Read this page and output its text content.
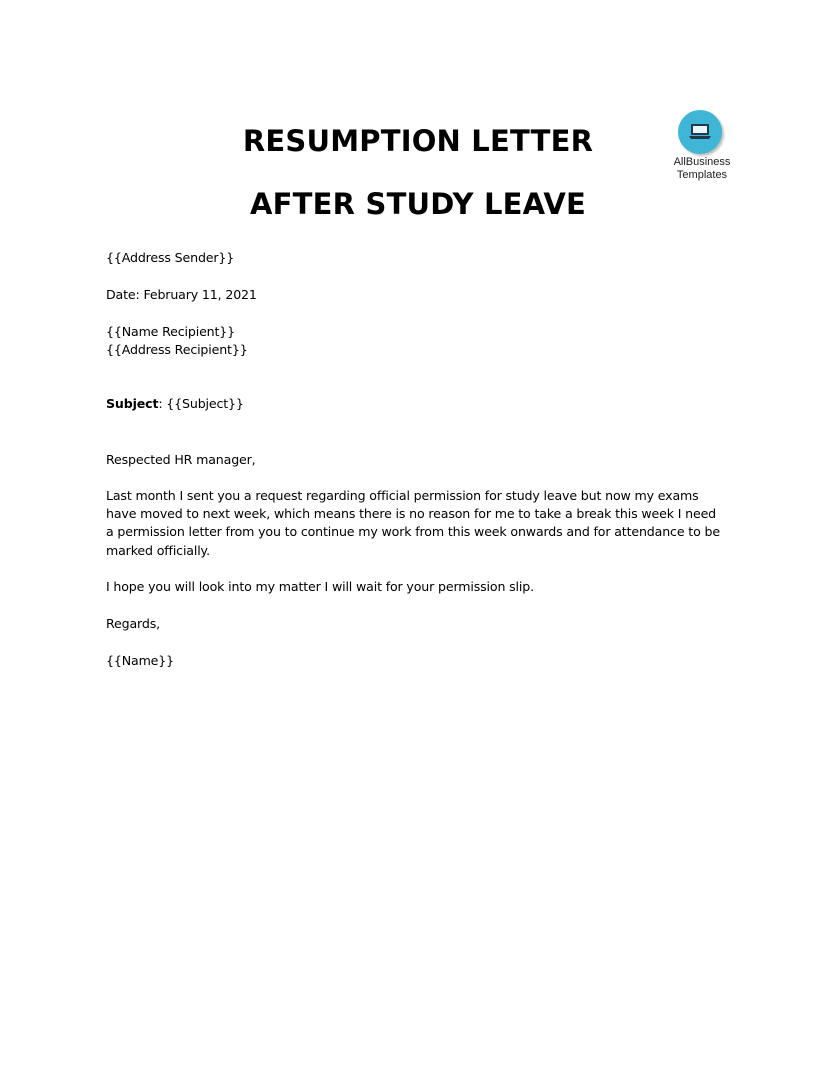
RESUMPTION LETTER
AFTER STUDY LEAVE
AllBusiness
Templates

{{Address Sender}}

Date: February 11, 2021

{{Name Recipient}}

{{Address Recipient}}

Subject: {{Subject}}

Respected HR manager,

Last month I sent you a request regarding official permission for study leave but now my exams have moved to next week, which means there is no reason for me to take a break this week I need a permission letter from you to continue my work from this week onwards and for attendance to be marked officially.

I hope you will look into my matter I will wait for your permission slip.

Regards,

{{Name}}
